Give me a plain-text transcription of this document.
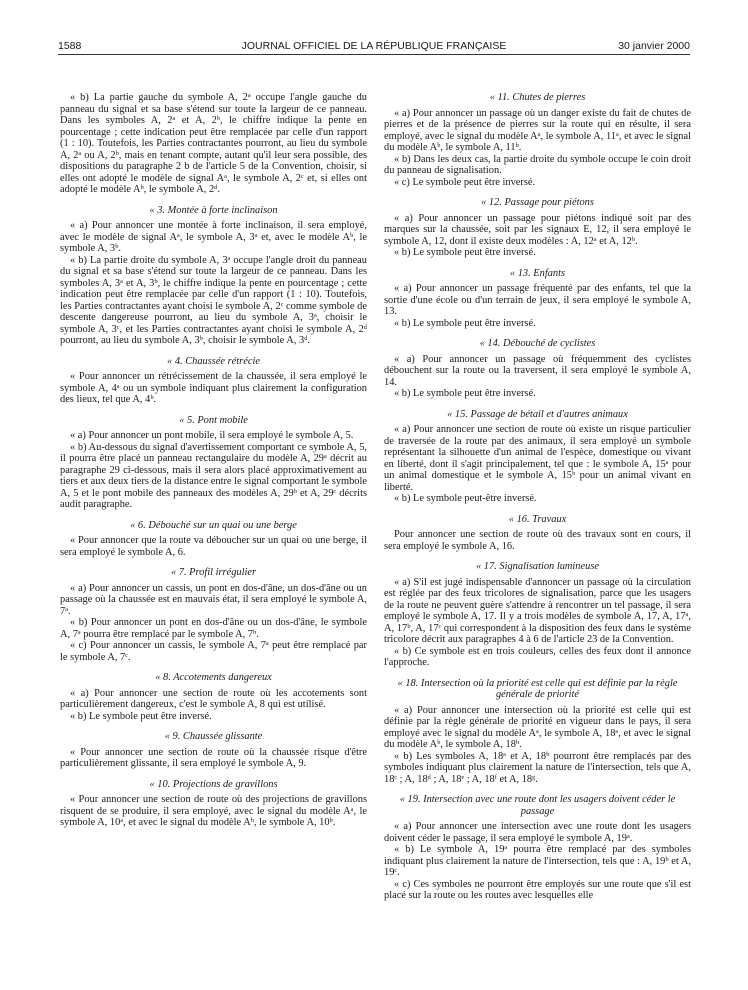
1588	JOURNAL OFFICIEL DE LA RÉPUBLIQUE FRANÇAISE	30 janvier 2000

« b) La partie gauche du symbole A, 2ᵃ occupe l'angle gauche du panneau du signal et sa base s'étend sur toute la largeur de ce panneau. Dans les symboles A, 2ᵃ et A, 2ᵇ, le chiffre indique la pente en pourcentage ; cette indication peut être remplacée par celle d'un rapport (1 : 10). Toutefois, les Parties contractantes pourront, au lieu du symbole A, 2ᵃ ou A, 2ᵇ, mais en tenant compte, autant qu'il leur sera possible, des dispositions du paragraphe 2 b de l'article 5 de la Convention, choisir, si elles ont adopté le modèle de signal Aᵃ, le symbole A, 2ᶜ et, si elles ont adopté le modèle Aᵇ, le symbole A, 2ᵈ.

« 3. Montée à forte inclinaison

« a) Pour annoncer une montée à forte inclinaison, il sera employé, avec le modèle de signal Aᵃ, le symbole A, 3ᵃ et, avec le modèle Aᵇ, le symbole A, 3ᵇ.

« b) La partie droite du symbole A, 3ᵃ occupe l'angle droit du panneau du signal et sa base s'étend sur toute la largeur de ce panneau. Dans les symboles A, 3ᵃ et A, 3ᵇ, le chiffre indique la pente en pourcentage ; cette indication peut être remplacée par celle d'un rapport (1 : 10). Toutefois, les Parties contractantes ayant choisi le symbole A, 2ᶜ comme symbole de descente dangereuse pourront, au lieu du symbole A, 3ᵃ, choisir le symbole A, 3ᶜ, et les Parties contractantes ayant choisi le symbole A, 2ᵈ pourront, au lieu du symbole A, 3ᵇ, choisir le symbole A, 3ᵈ.

« 4. Chaussée rétrécie

« Pour annoncer un rétrécissement de la chaussée, il sera employé le symbole A, 4ᵃ ou un symbole indiquant plus clairement la configuration des lieux, tel que A, 4ᵇ.

« 5. Pont mobile

« a) Pour annoncer un pont mobile, il sera employé le symbole A, 5.

« b) Au-dessous du signal d'avertissement comportant ce symbole A, 5, il pourra être placé un panneau rectangulaire du modèle A, 29ᵃ décrit au paragraphe 29 ci-dessous, mais il sera alors placé approximativement au tiers et aux deux tiers de la distance entre le signal comportant le symbole A, 5 et le pont mobile des panneaux des modèles A, 29ᵇ et A, 29ᶜ décrits audit paragraphe.

« 6. Débouché sur un quai ou une berge

« Pour annoncer que la route va déboucher sur un quai ou une berge, il sera employé le symbole A, 6.

« 7. Profil irrégulier

« a) Pour annoncer un cassis, un pont en dos-d'âne, un dos-d'âne ou un passage où la chaussée est en mauvais état, il sera employé le symbole A, 7ᵃ.

« b) Pour annoncer un pont en dos-d'âne ou un dos-d'âne, le symbole A, 7ᵃ pourra être remplacé par le symbole A, 7ᵇ.

« c) Pour annoncer un cassis, le symbole A, 7ᵃ peut être remplacé par le symbole A, 7ᶜ.

« 8. Accotements dangereux

« a) Pour annoncer une section de route où les accotements sont particulièrement dangereux, c'est le symbole A, 8 qui est utilisé.

« b) Le symbole peut être inversé.

« 9. Chaussée glissante

« Pour annoncer une section de route où la chaussée risque d'être particulièrement glissante, il sera employé le symbole A, 9.

« 10. Projections de gravillons

« Pour annoncer une section de route où des projections de gravillons risquent de se produire, il sera employé, avec le signal du modèle Aᵃ, le symbole A, 10ᵃ, et avec le signal du modèle Aᵇ, le symbole A, 10ᵇ.

« 11. Chutes de pierres

« a) Pour annoncer un passage où un danger existe du fait de chutes de pierres et de la présence de pierres sur la route qui en résulte, il sera employé, avec le signal du modèle Aᵃ, le symbole A, 11ᵃ, et avec le signal du modèle Aᵇ, le symbole A, 11ᵇ.

« b) Dans les deux cas, la partie droite du symbole occupe le coin droit du panneau de signalisation.

« c) Le symbole peut être inversé.

« 12. Passage pour piétons

« a) Pour annoncer un passage pour piétons indiqué soit par des marques sur la chaussée, soit par les signaux E, 12, il sera employé le symbole A, 12, dont il existe deux modèles : A, 12ᵃ et A, 12ᵇ.

« b) Le symbole peut être inversé.

« 13. Enfants

« a) Pour annoncer un passage fréquenté par des enfants, tel que la sortie d'une école ou d'un terrain de jeux, il sera employé le symbole A, 13.

« b) Le symbole peut être inversé.

« 14. Débouché de cyclistes

« a) Pour annoncer un passage où fréquemment des cyclistes débouchent sur la route ou la traversent, il sera employé le symbole A, 14.

« b) Le symbole peut être inversé.

« 15. Passage de bétail et d'autres animaux

« a) Pour annoncer une section de route où existe un risque particulier de traversée de la route par des animaux, il sera employé un symbole représentant la silhouette d'un animal de l'espèce, domestique ou vivant en liberté, dont il s'agit principalement, tel que : le symbole A, 15ᵃ pour un animal domestique et le symbole A, 15ᵇ pour un animal vivant en liberté.

« b) Le symbole peut-être inversé.

« 16. Travaux

Pour annoncer une section de route où des travaux sont en cours, il sera employé le symbole A, 16.

« 17. Signalisation lumineuse

« a) S'il est jugé indispensable d'annoncer un passage où la circulation est réglée par des feux tricolores de signalisation, parce que les usagers de la route ne peuvent guère s'attendre à rencontrer un tel passage, il sera employé le symbole A, 17. Il y a trois modèles de symbole A, 17, A, 17ᵃ, A, 17ᵇ, A, 17ᶜ qui correspondent à la disposition des feux dans le système tricolore décrit aux paragraphes 4 à 6 de l'article 23 de la Convention.

« b) Ce symbole est en trois couleurs, celles des feux dont il annonce l'approche.

« 18. Intersection où la priorité est celle qui est définie par la règle générale de priorité

« a) Pour annoncer une intersection où la priorité est celle qui est définie par la règle générale de priorité en vigueur dans le pays, il sera employé avec le signal du modèle Aᵃ, le symbole A, 18ᵃ, et avec le signal du modèle Aᵇ, le symbole A, 18ᵇ.

« b) Les symboles A, 18ᵃ et A, 18ᵇ pourront être remplacés par des symboles indiquant plus clairement la nature de l'intersection, tels que A, 18ᶜ ; A, 18ᵈ ; A, 18ᵉ ; A, 18ᶠ et A, 18ᵍ.

« 19. Intersection avec une route dont les usagers doivent céder le passage

« a) Pour annoncer une intersection avec une route dont les usagers doivent céder le passage, il sera employé le symbole A, 19ᵃ.

« b) Le symbole A, 19ᵃ pourra être remplacé par des symboles indiquant plus clairement la nature de l'intersection, tels que : A, 19ᵇ et A, 19ᶜ.

« c) Ces symboles ne pourront être employés sur une route que s'il est placé sur la route ou les routes avec lesquelles elle
